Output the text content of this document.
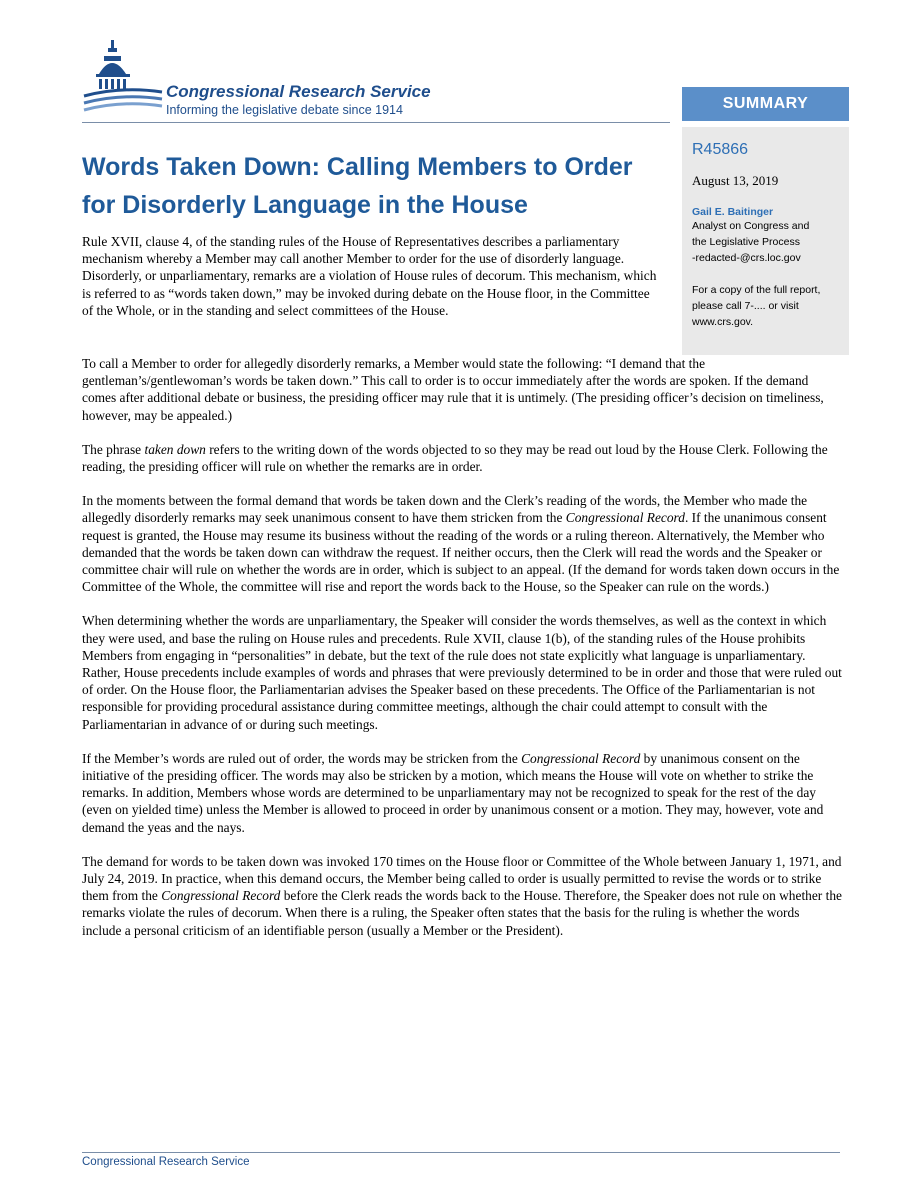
Congressional Research Service
Informing the legislative debate since 1914	SUMMARY
R45866
August 13, 2019
Gail E. Baitinger
Analyst on Congress and
the Legislative Process
-redacted-@crs.loc.gov
For a copy of the full report,
please call 7-.... or visit
www.crs.gov.
Words Taken Down: Calling Members to Order
for Disorderly Language in the House

Rule XVII, clause 4, of the standing rules of the House of Representatives describes a parliamentary mechanism whereby a Member may call another Member to order for the use of disorderly language. Disorderly, or unparliamentary, remarks are a violation of House rules of decorum. This mechanism, which is referred to as “words taken down,” may be invoked during debate on the House floor, in the Committee of the Whole, or in the standing and select committees of the House.

To call a Member to order for allegedly disorderly remarks, a Member would state the following: “I demand that the gentleman’s/gentlewoman’s words be taken down.” This call to order is to occur immediately after the words are spoken. If the demand comes after additional debate or business, the presiding officer may rule that it is untimely. (The presiding officer’s decision on timeliness, however, may be appealed.)

The phrase taken down refers to the writing down of the words objected to so they may be read out loud by the House Clerk. Following the reading, the presiding officer will rule on whether the remarks are in order.

In the moments between the formal demand that words be taken down and the Clerk’s reading of the words, the Member who made the allegedly disorderly remarks may seek unanimous consent to have them stricken from the Congressional Record. If the unanimous consent request is granted, the House may resume its business without the reading of the words or a ruling thereon. Alternatively, the Member who demanded that the words be taken down can withdraw the request. If neither occurs, then the Clerk will read the words and the Speaker or committee chair will rule on whether the words are in order, which is subject to an appeal. (If the demand for words taken down occurs in the Committee of the Whole, the committee will rise and report the words back to the House, so the Speaker can rule on the words.)

When determining whether the words are unparliamentary, the Speaker will consider the words themselves, as well as the context in which they were used, and base the ruling on House rules and precedents. Rule XVII, clause 1(b), of the standing rules of the House prohibits Members from engaging in “personalities” in debate, but the text of the rule does not state explicitly what language is unparliamentary. Rather, House precedents include examples of words and phrases that were previously determined to be in order and those that were ruled out of order. On the House floor, the Parliamentarian advises the Speaker based on these precedents. The Office of the Parliamentarian is not responsible for providing procedural assistance during committee meetings, although the chair could attempt to consult with the Parliamentarian in advance of or during such meetings.

If the Member’s words are ruled out of order, the words may be stricken from the Congressional Record by unanimous consent on the initiative of the presiding officer. The words may also be stricken by a motion, which means the House will vote on whether to strike the remarks. In addition, Members whose words are determined to be unparliamentary may not be recognized to speak for the rest of the day (even on yielded time) unless the Member is allowed to proceed in order by unanimous consent or a motion. They may, however, vote and demand the yeas and the nays.

The demand for words to be taken down was invoked 170 times on the House floor or Committee of the Whole between January 1, 1971, and July 24, 2019. In practice, when this demand occurs, the Member being called to order is usually permitted to revise the words or to strike them from the Congressional Record before the Clerk reads the words back to the House. Therefore, the Speaker does not rule on whether the remarks violate the rules of decorum. When there is a ruling, the Speaker often states that the basis for the ruling is whether the words include a personal criticism of an identifiable person (usually a Member or the President).

Congressional Research Service
